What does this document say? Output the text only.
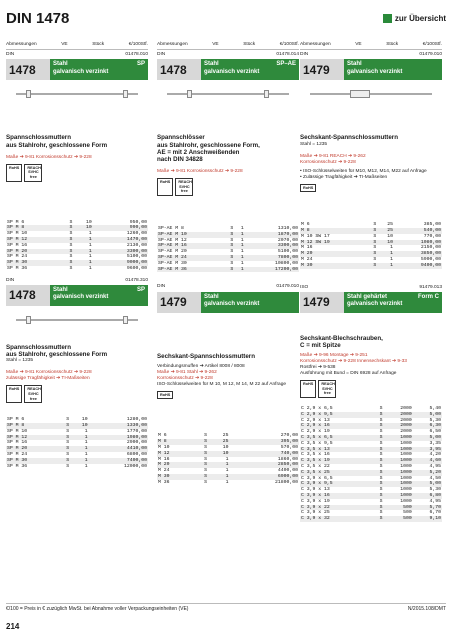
DIN 1478	zur Übersicht
Abmessungen	VE	Stück	€/100Stf.
DIN	01478.010
1478	SP
Stahl
galvanisch verzinkt
Spannschlossmuttern
aus Stahlrohr, geschlossene Form
Maße ➔ 9-81 Korrosionsschutz ➔ 9-228
RoHS	REACH SVHC free
SP M 6	S	10	950,00
SP M 8	S	10	990,00
SP M 10	S	1	1260,00
SP M 12	S	1	1470,00
SP M 16	S	1	2130,00
SP M 20	S	1	3300,00
SP M 24	S	1	5100,00
SP M 30	S	1	9000,00
SP M 36	S	1	9600,00
DIN	01478.310
1478	SP
Stahl
galvanisch verzinkt
Spannschlossmuttern
aus Stahlrohr, geschlossene Form
Stahl = 1235
Maße ➔ 9-81 Korrosionsschutz ➔ 9-228
zulässige Tragfähigkeit ➔ TI-Maßseiten
RoHS	REACH SVHC free
SP M 6	S	10	1280,00
SP M 8	S	10	1330,00
SP M 10	S	1	1770,00
SP M 12	S	1	1980,00
SP M 16	S	1	2900,00
SP M 20	S	1	4410,00
SP M 24	S	1	6800,00
SP M 30	S	1	7400,00
SP M 36	S	1	12000,00
Abmessungen	VE	Stück	€/100Stf.
DIN	01478.014
1478	SP–AE
Stahl
galvanisch verzinkt
Spannschlösser
aus Stahlrohr, geschlossene Form,
AE = mit 2 Anschweißenden
nach DIN 34828
Maße ➔ 9-81 Korrosionsschutz ➔ 9-228
RoHS	REACH SVHC free
SP-AE M 8	S	1	1310,00
SP-AE M 10	S	1	1870,00
SP-AE M 12	S	1	2070,00
SP-AE M 16	S	1	3300,00
SP-AE M 20	S	1	5100,00
SP-AE M 24	S	1	7800,00
SP-AE M 30	S	1	10800,00
SP-AE M 36	S	1	17200,00
DIN	01479.010
1479	Stahl
galvanisch verzinkt
Sechskant-Spannschlossmuttern
Verbindungsmuffen ➔ Artikel 8008 / 8008
Maße ➔ 9-81 Stahl ➔ 9-262
Korrosionsschutz ➔ 9-228
ISO-Schlüsselweiten für M 10, M 12, M 14, M 22 auf Anfrage
RoHS
M 6	S	25	270,00
M 8	S	25	395,00
M 10	S	10	570,00
M 12	S	10	740,00
M 16	S	1	1860,00
M 20	S	1	2850,00
M 24	S	1	4400,00
M 30	S	1	6900,00
M 36	S	1	21800,00
Abmessungen	VE	Stück	€/100Stf.
DIN	01479.010
1479	Stahl
galvanisch verzinkt
Sechskant-Spannschlossmuttern
Stahl = 1235
Maße ➔ 9-81 REACH ➔ 9-262
Korrosionsschutz ➔ 9-228
• ISO-Schlüsselweiten für M10, M12, M14, M22 auf Anfrage
• Zulässige Tragfähigkeit ➔ TI-Maßseiten
RoHS
M 6	S	25	385,00
M 8	S	25	540,00
M 10 SW 17	S	10	770,00
M 12 SW 19	S	10	1080,00
M 16	S	1	2150,00
M 20	S	1	3850,00
M 24	S	1	5900,00
M 30	S	1	9400,00
ISO	91479.013
1479	Form C
Stahl gehärtet
galvanisch verzinkt
Sechskant-Blechschrauben,
C = mit Spitze
Maße ➔ 9-96 Montage ➔ 9-251
Korrosionsschutz ➔ 9-228 Innensechskant ➔ 9-33
Rostfrei ➔ 9-538
Ausführung mit Bund = DIN 6928 auf Anfrage
RoHS	REACH SVHC free
C 2,9 x 6,5	S	2000	5,40
C 2,9 x 9,5	S	2000	5,00
C 2,9 x 13	S	2000	5,30
C 2,9 x 16	S	2000	6,30
C 2,9 x 19	S	2000	6,50
C 3,5 x 6,5	S	1000	5,00
C 3,5 x 9,5	S	1000	3,35
C 3,5 x 13	S	1000	3,95
C 3,5 x 16	S	1000	4,20
C 3,5 x 19	S	1000	4,60
C 3,5 x 22	S	1000	4,95
C 3,5 x 25	S	1000	5,20
C 3,9 x 6,5	S	1000	4,50
C 3,9 x 9,5	S	1000	5,00
C 3,9 x 13	S	1000	5,30
C 3,9 x 16	S	1000	6,80
C 3,9 x 19	S	1000	4,95
C 3,9 x 22	S	500	5,70
C 3,9 x 25	S	500	6,70
C 3,9 x 32	S	500	9,10
€/100 = Preis in € zuzüglich MwSt. bei Abnahme voller Verpackungseinheiten (VE)	N/2015.108/DMT
214
